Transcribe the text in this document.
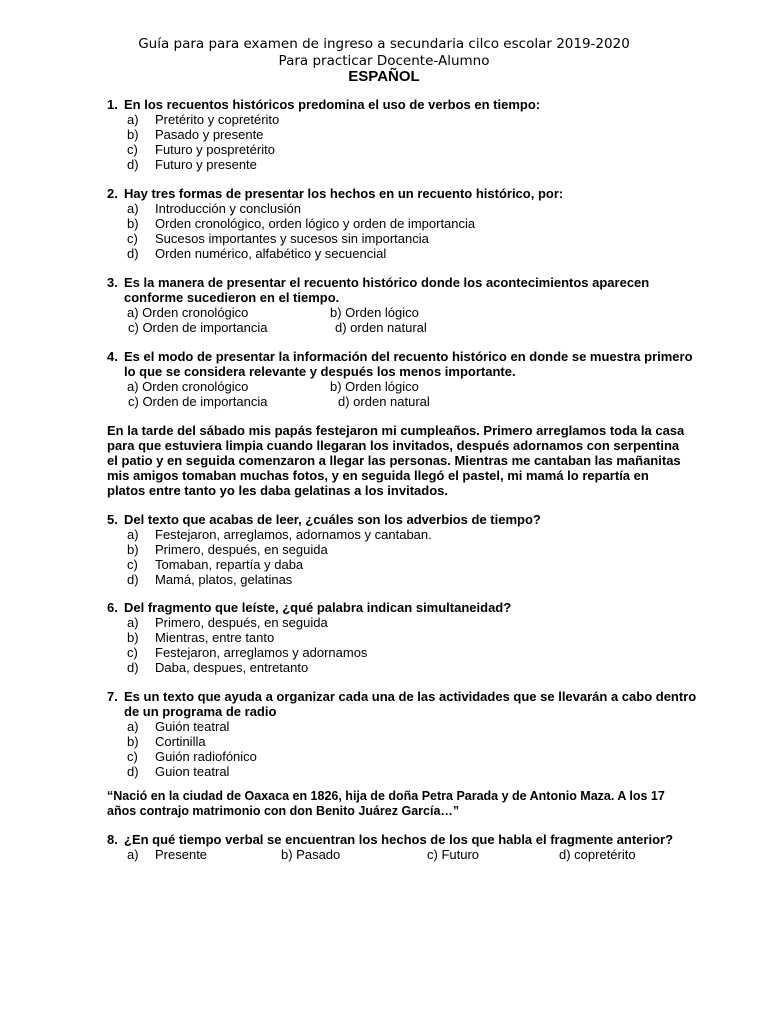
Guía para para examen de ingreso a secundaria cilco escolar 2019-2020
Para practicar Docente-Alumno
ESPAÑOL
1. En los recuentos históricos predomina el uso de verbos en tiempo:
a)	Pretérito y copretérito
b)	Pasado y presente
c)	Futuro y pospretérito
d)	Futuro y presente
2. Hay tres formas de presentar los hechos en un recuento histórico, por:
a)	Introducción y conclusión
b)	Orden cronológico, orden lógico y orden de importancia
c)	Sucesos importantes y sucesos sin importancia
d)	Orden numérico, alfabético y secuencial
3. Es la manera de presentar el recuento histórico donde los acontecimientos aparecen conforme sucedieron en el tiempo.
a) Orden cronológico	b) Orden lógico
c) Orden de importancia	d) orden natural
4. Es el modo de presentar la información del recuento histórico en donde se muestra primero lo que se considera relevante y después los menos importante.
a) Orden cronológico	b) Orden lógico
c) Orden de importancia	d) orden natural
En la tarde del sábado mis papás festejaron mi cumpleaños. Primero arreglamos toda la casa para que estuviera limpia cuando llegaran los invitados, después adornamos con serpentina el patio y en seguida comenzaron a llegar las personas. Mientras me cantaban las mañanitas mis amigos tomaban muchas fotos, y en seguida llegó el pastel, mi mamá lo repartía en platos entre tanto yo les daba gelatinas a los invitados.
5. Del texto que acabas de leer, ¿cuáles son los adverbios de tiempo?
a)	Festejaron, arreglamos, adornamos y cantaban.
b)	Primero, después, en seguida
c)	Tomaban, repartía y daba
d)	Mamá, platos, gelatinas
6. Del fragmento que leíste, ¿qué palabra indican simultaneidad?
a)	Primero, después, en seguida
b)	Mientras, entre tanto
c)	Festejaron, arreglamos y adornamos
d)	Daba, despues, entretanto
7. Es un texto que ayuda a organizar cada una de las actividades que se llevarán a cabo dentro de un programa de radio
a)	Guión teatral
b)	Cortinilla
c)	Guión radiofónico
d)	Guion teatral
“Nació en la ciudad de Oaxaca en 1826, hija de doña Petra Parada y de Antonio Maza. A los 17 años contrajo matrimonio con don Benito Juárez García…”
8. ¿En qué tiempo verbal se encuentran los hechos de los que habla el fragmente anterior?
a)	Presente	b) Pasado	c) Futuro	d) copretérito
